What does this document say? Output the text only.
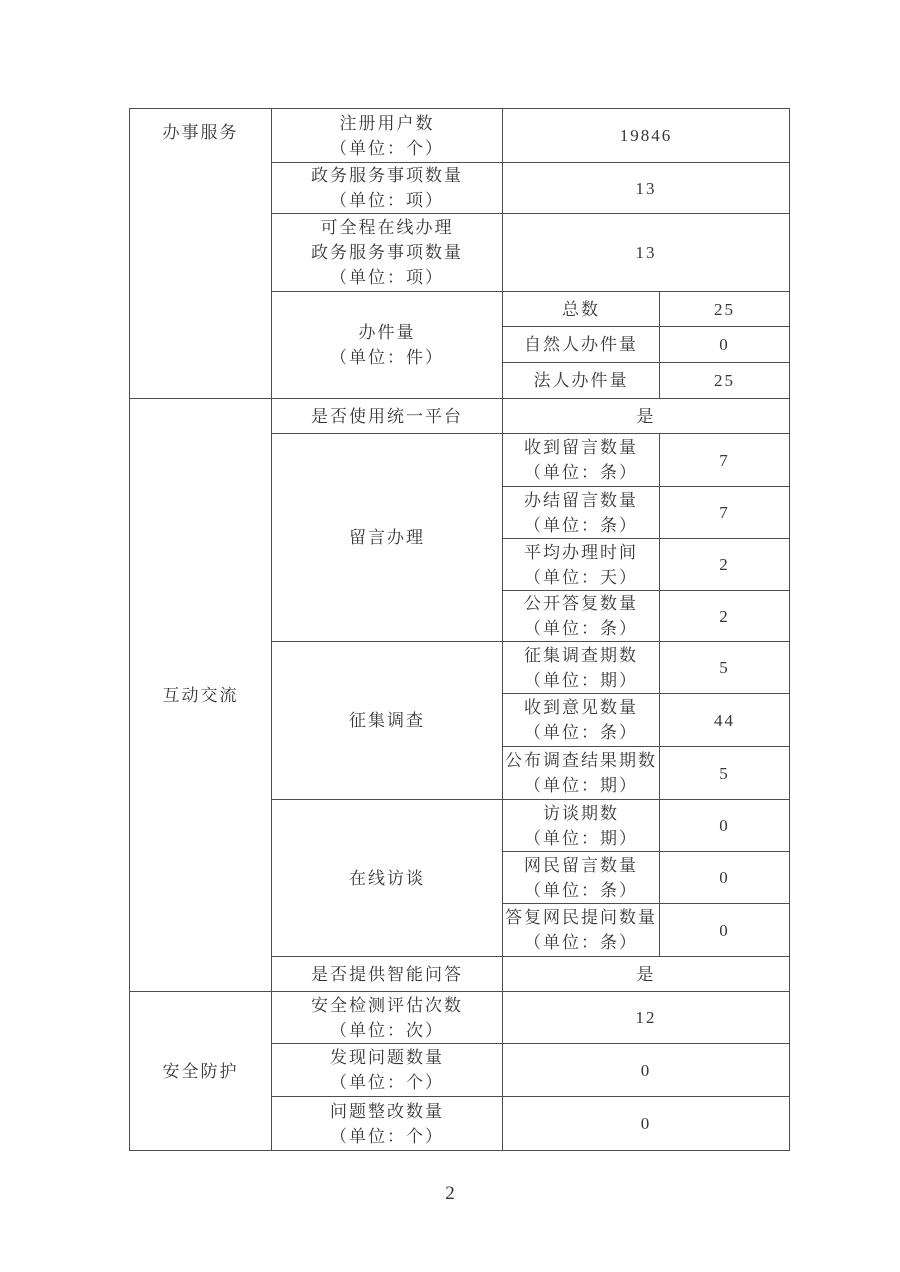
办事服务	注册用户数
（单位：个）	19846	

	政务服务事项数量
（单位：项）	13	

	可全程在线办理
政务服务事项数量
（单位：项）	13	

	办件量
（单位：件）	总数	25

		自然人办件量	0

		法人办件量	25
互动交流	是否使用统一平台	是	

	留言办理	收到留言数量
（单位：条）	7

		办结留言数量
（单位：条）	7

		平均办理时间
（单位：天）	2

		公开答复数量
（单位：条）	2

	征集调查	征集调查期数
（单位：期）	5

		收到意见数量
（单位：条）	44

		公布调查结果期数
（单位：期）	5

	在线访谈	访谈期数
（单位：期）	0

		网民留言数量
（单位：条）	0

		答复网民提问数量
（单位：条）	0

	是否提供智能问答	是	
安全防护	安全检测评估次数
（单位：次）	12	

	发现问题数量
（单位：个）	0	

	问题整改数量
（单位：个）	0	
2
